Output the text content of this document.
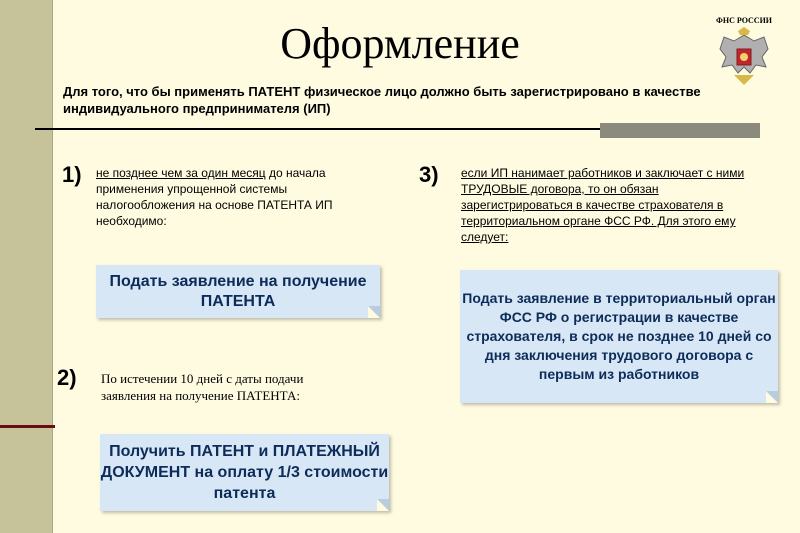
Оформление	ФНС РОССИИ
Для того, что бы применять ПАТЕНТ физическое лицо должно быть зарегистрировано в качестве индивидуального предпринимателя (ИП)
1) не позднее чем за один месяц до начала применения упрощенной системы налогообложения на основе ПАТЕНТА ИП необходимо:
Подать заявление на получение ПАТЕНТА
2) По истечении 10 дней с даты подачи заявления на получение ПАТЕНТА:
Получить ПАТЕНТ и ПЛАТЕЖНЫЙ ДОКУМЕНТ на оплату 1/3 стоимости патента
3) если ИП нанимает работников и заключает с ними ТРУДОВЫЕ договора, то он обязан зарегистрироваться в качестве страхователя в территориальном органе ФСС РФ. Для этого ему следует:
Подать заявление в территориальный орган ФСС РФ о регистрации в качестве страхователя, в срок не позднее 10 дней со дня заключения трудового договора с первым из работников
